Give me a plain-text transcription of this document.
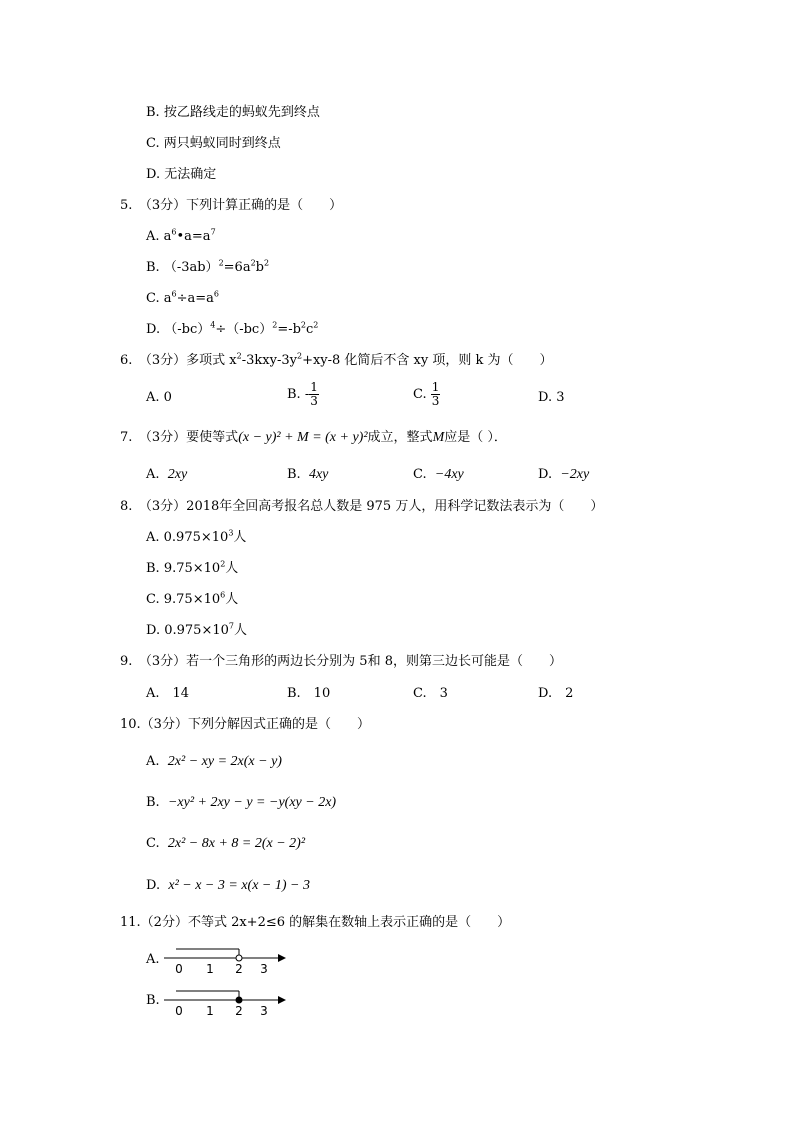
B. 按乙路线走的蚂蚁先到终点
C. 两只蚂蚁同时到终点
D. 无法确定
5.　（3分）下列计算正确的是（　　）
A. $a^6•a=a^7$
B. $(-3ab)^2=6a^2b^2$
C. $a^6\div a=a^6$
D. $(-bc)^4\div(-bc)^2=-b^2c^2$
6.　（3分）多项式 $x^2-3kxy-3y^2+xy-8$ 化简后不含 xy 项，则 k 为（　　）
A. 0	B. - $\frac{1}{3}$	C. $\frac{1}{3}$	D. 3
7.　（3分）要使等式(x − y)² + M = (x + y)²成立，整式M应是（ ）．
A. 2xy	B. 4xy	C. −4xy	D. −2xy
8.　（3分）2018年全回高考报名总人数是 975 万人，用科学记数法表示为（　　）
A. $0.975\times 10^3$人
B. $9.75\times 10^2$人
C. $9.75\times 10^6$人
D. $0.975\times 10^7$人
9.　（3分）若一个三角形的两边长分别为 5和 8，则第三边长可能是（　　）
A.　14	B.　10	C.　3	D.　2
10.（3分）下列分解因式正确的是（　　）
A. 2x² − xy = 2x(x − y)
B. −xy² + 2xy − y = −y(xy − 2x)
C. 2x² − 8x + 8 = 2(x − 2)²
D. x² − x − 3 = x(x − 1) − 3
11.（2分）不等式 2x+2≤6 的解集在数轴上表示正确的是（　　）
A.
0 1 2 3
B.
0 1 2 3
